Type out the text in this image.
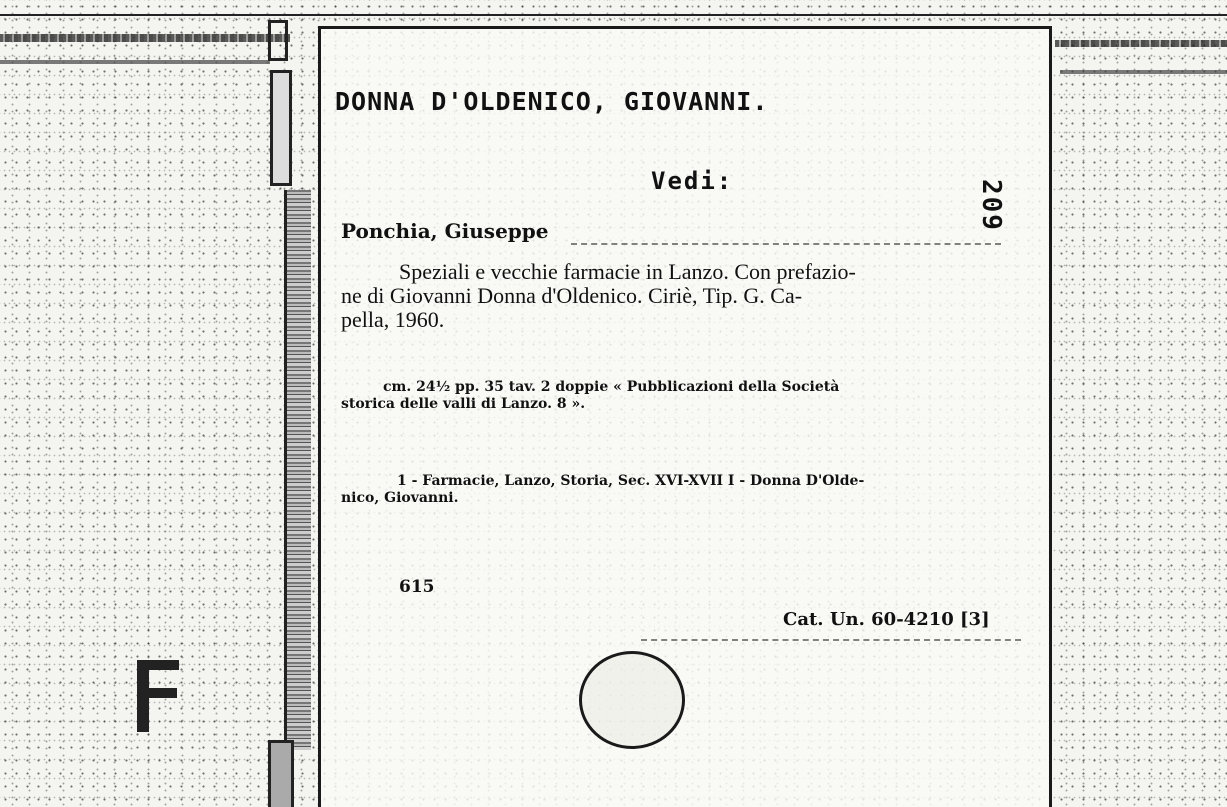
DONNA D'OLDENICO, GIOVANNI.
Vedi:	209
Ponchia, Giuseppe
Speziali e vecchie farmacie in Lanzo. Con prefazio-
ne di Giovanni Donna d'Oldenico. Ciriè, Tip. G. Ca-
pella, 1960.
cm. 24½ pp. 35 tav. 2 doppie « Pubblicazioni della Società
storica delle valli di Lanzo. 8 ».
1 - Farmacie, Lanzo, Storia, Sec. XVI-XVII I - Donna D'Olde-
nico, Giovanni.
615
Cat. Un. 60-4210 [3]
